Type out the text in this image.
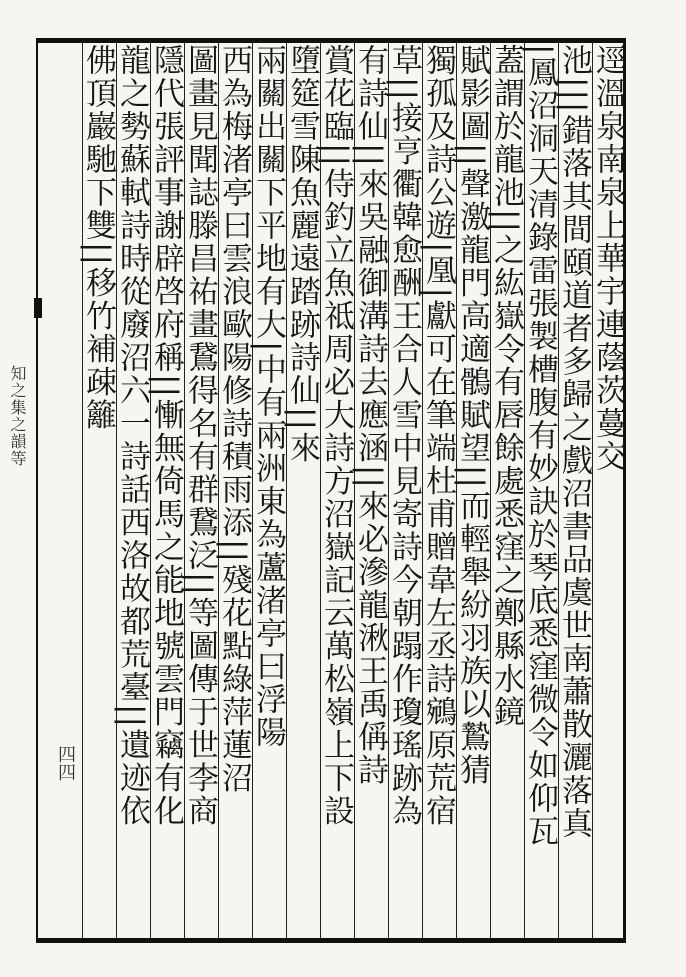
知之集之韻等
四四
逕溫泉南泉上華宇連蔭茨蔓交
池|||錯落其間頤道者多歸之戲沼書品虞世南蕭散灑落真
|鳳沼洞天清錄雷張製槽腹有妙訣於琴底悉窪微令如仰瓦
蓋謂於龍池||之紘嶽令有唇餘處悉窪之鄭縣水鏡
賦影圖||聲激龍門高適鶻賦望||而輕舉紛羽族以鷙猜
獨孤及詩公遊|凰|獻可在筆端杜甫贈韋左丞詩鵷原荒宿
草||接亨衢韓愈酬王合人雪中見寄詩今朝蹋作瓊瑤跡為
有詩仙||來吳融御溝詩去應涵||來必滲龍湫王禹偁詩
賞花臨||侍釣立魚祗周必大詩方沼嶽記云萬松嶺上下設
墮筵雪陳魚麗遠踏跡詩仙||來
兩關出關下平地有大|中有兩洲東為蘆渚亭曰浮陽
西為梅渚亭曰雲浪歐陽修詩積雨添||殘花點綠萍蓮沼
圖畫見聞誌滕昌祐畫鵞得名有群鵞泛||等圖傳于世李商
隱代張評事謝辟啓府稱||慚無倚馬之能地號雲門竊有化
龍之勢蘇軾詩時從廢沼六一詩話西洛故都荒臺||遺迹依
佛頂巖馳下雙||移竹補疎籬
